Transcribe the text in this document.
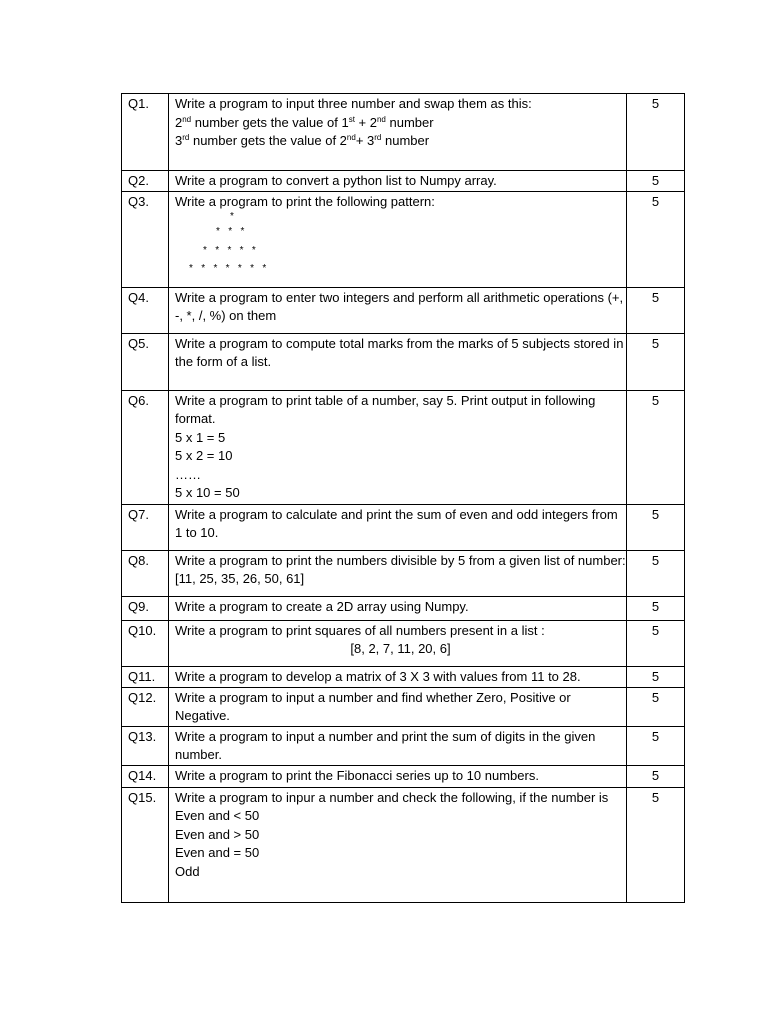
Q1.	Write a program to input three number and swap them as this:
2nd number gets the value of 1st + 2nd number
3rd number gets the value of 2nd+ 3rd number	5
Q2.	Write a program to convert a python list to Numpy array.	5
Q3.	Write a program to print the following pattern:
*
*   *   *
*   *   *   *   *
*   *   *   *   *   *   *	5
Q4.	Write a program to enter two integers and perform all arithmetic operations (+, -, *, /, %) on them	5
Q5.	Write a program to compute total marks from the marks of 5 subjects stored in the form of a list.	5
Q6.	Write a program to print table of a number, say 5. Print output in following format.
5 x 1 = 5
5 x 2 = 10
……
5 x 10 = 50	5
Q7.	Write a program to calculate and print the sum of even and odd integers from 1 to 10.	5
Q8.	Write a program to print the numbers divisible by 5 from a given list of number: [11, 25, 35, 26, 50, 61]	5
Q9.	Write a program to create a 2D array using Numpy.	5
Q10.	Write a program to print squares of all numbers present in a list :
[8, 2, 7, 11, 20, 6]	5
Q11.	Write a program to develop a matrix of 3 X 3 with values from 11 to 28.	5
Q12.	Write a program to input a number and find whether Zero, Positive or Negative.	5
Q13.	Write a program to input a number and print the sum of digits in the given number.	5
Q14.	Write a program to print the Fibonacci series up to 10 numbers.	5
Q15.	Write a program to inpur a number and check the following, if the number is
Even and < 50
Even and > 50
Even and = 50
Odd	5
